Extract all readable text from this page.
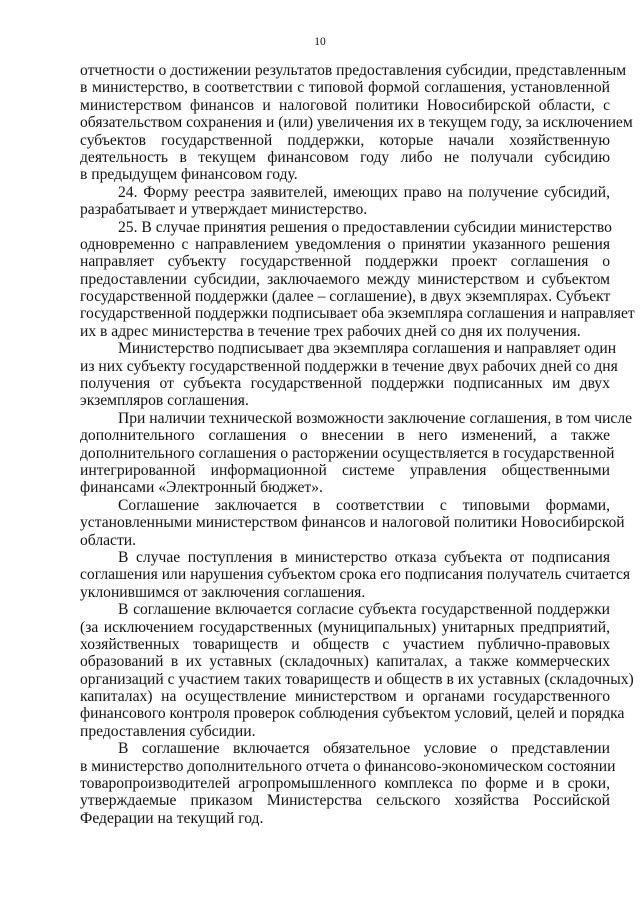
10
отчетности о достижении результатов предоставления субсидии, представленным
в министерство, в соответствии с типовой формой соглашения, установленной
министерством финансов и налоговой политики Новосибирской области, с
обязательством сохранения и (или) увеличения их в текущем году, за исключением
субъектов государственной поддержки, которые начали хозяйственную
деятельность в текущем финансовом году либо не получали субсидию
в предыдущем финансовом году.
24. Форму реестра заявителей, имеющих право на получение субсидий,
разрабатывает и утверждает министерство.
25. В случае принятия решения о предоставлении субсидии министерство
одновременно с направлением уведомления о принятии указанного решения
направляет субъекту государственной поддержки проект соглашения о
предоставлении субсидии, заключаемого между министерством и субъектом
государственной поддержки (далее – соглашение), в двух экземплярах. Субъект
государственной поддержки подписывает оба экземпляра соглашения и направляет
их в адрес министерства в течение трех рабочих дней со дня их получения.
Министерство подписывает два экземпляра соглашения и направляет один
из них субъекту государственной поддержки в течение двух рабочих дней со дня
получения от субъекта государственной поддержки подписанных им двух
экземпляров соглашения.
При наличии технической возможности заключение соглашения, в том числе
дополнительного соглашения о внесении в него изменений, а также
дополнительного соглашения о расторжении осуществляется в государственной
интегрированной информационной системе управления общественными
финансами «Электронный бюджет».
Соглашение заключается в соответствии с типовыми формами,
установленными министерством финансов и налоговой политики Новосибирской
области.
В случае поступления в министерство отказа субъекта от подписания
соглашения или нарушения субъектом срока его подписания получатель считается
уклонившимся от заключения соглашения.
В соглашение включается согласие субъекта государственной поддержки
(за исключением государственных (муниципальных) унитарных предприятий,
хозяйственных товариществ и обществ с участием публично-правовых
образований в их уставных (складочных) капиталах, а также коммерческих
организаций с участием таких товариществ и обществ в их уставных (складочных)
капиталах) на осуществление министерством и органами государственного
финансового контроля проверок соблюдения субъектом условий, целей и порядка
предоставления субсидии.
В соглашение включается обязательное условие о представлении
в министерство дополнительного отчета о финансово-экономическом состоянии
товаропроизводителей агропромышленного комплекса по форме и в сроки,
утверждаемые приказом Министерства сельского хозяйства Российской
Федерации на текущий год.
